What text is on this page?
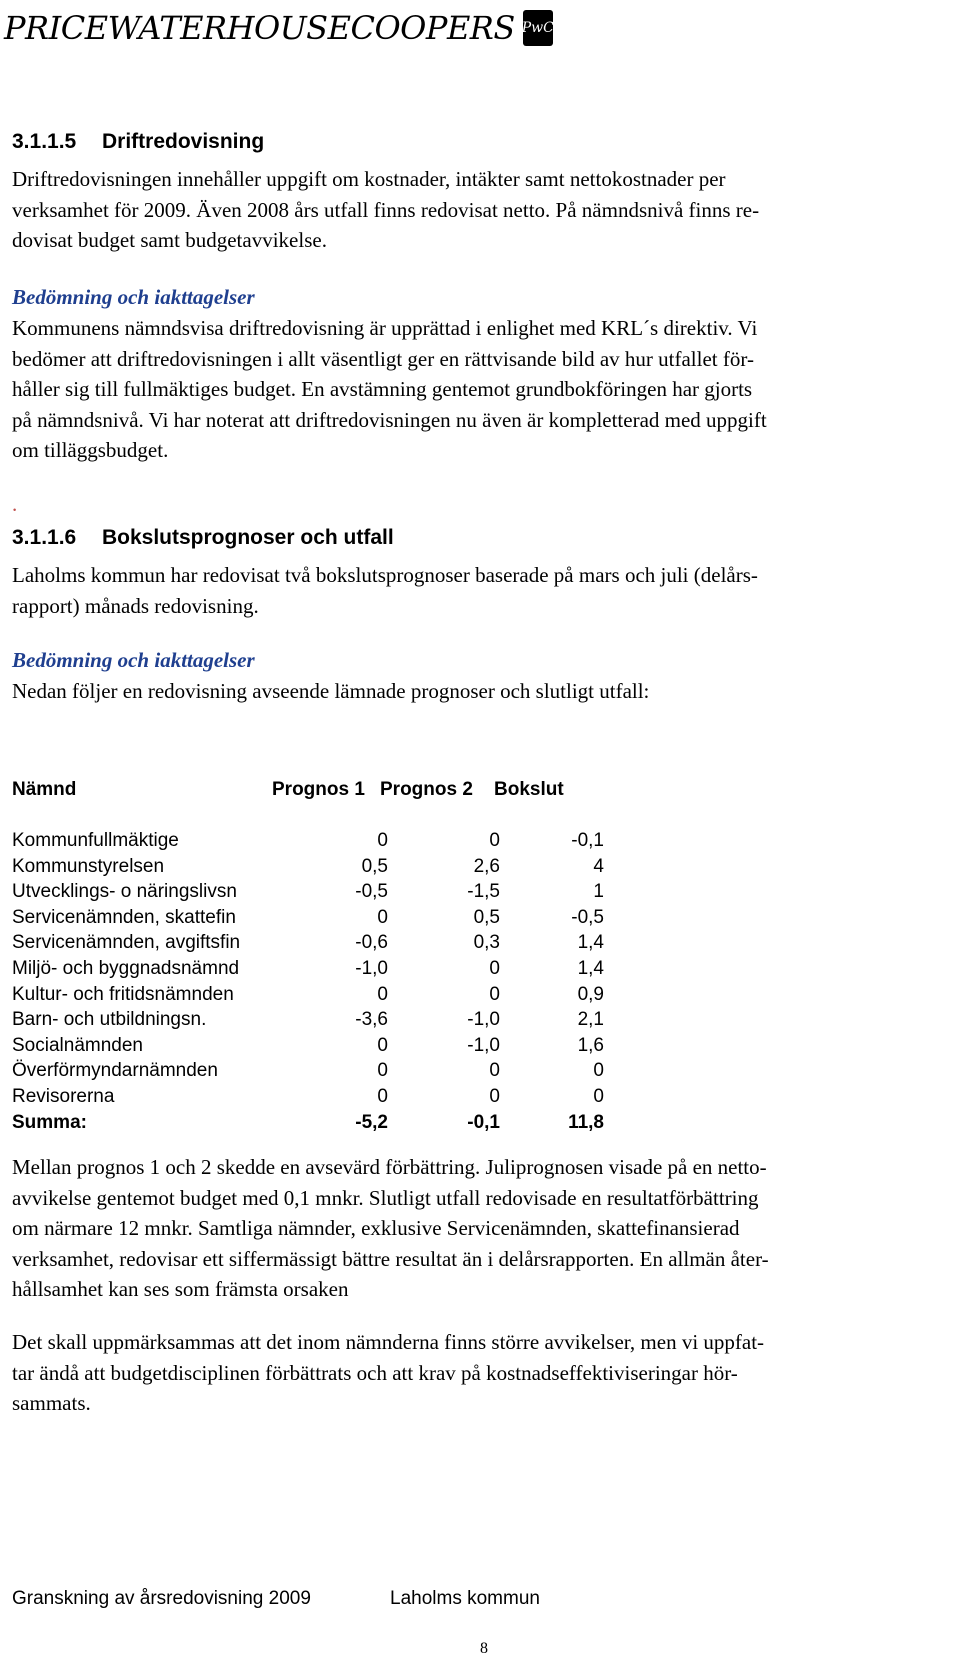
PRICEWATERHOUSECOOPERS PwC
3.1.1.5 Driftredovisning
Driftredovisningen innehåller uppgift om kostnader, intäkter samt nettokostnader per
verksamhet för 2009. Även 2008 års utfall finns redovisat netto. På nämndsnivå finns re-
dovisat budget samt budgetavvikelse.
Bedömning och iakttagelser
Kommunens nämndsvisa driftredovisning är upprättad i enlighet med KRL´s direktiv. Vi
bedömer att driftredovisningen i allt väsentligt ger en rättvisande bild av hur utfallet för-
håller sig till fullmäktiges budget. En avstämning gentemot grundbokföringen har gjorts
på nämndsnivå. Vi har noterat att driftredovisningen nu även är kompletterad med uppgift
om tilläggsbudget.
.
3.1.1.6 Bokslutsprognoser och utfall
Laholms kommun har redovisat två bokslutsprognoser baserade på mars och juli (delårs-
rapport) månads redovisning.
Bedömning och iakttagelser
Nedan följer en redovisning avseende lämnade prognoser och slutligt utfall:
Nämnd	Prognos 1 Prognos 2 Bokslut
Kommunfullmäktige	0	0	-0,1
Kommunstyrelsen	0,5	2,6	4
Utvecklings- o näringslivsn	-0,5	-1,5	1
Servicenämnden, skattefin	0	0,5	-0,5
Servicenämnden, avgiftsfin	-0,6	0,3	1,4
Miljö- och byggnadsnämnd	-1,0	0	1,4
Kultur- och fritidsnämnden	0	0	0,9
Barn- och utbildningsn.	-3,6	-1,0	2,1
Socialnämnden	0	-1,0	1,6
Överförmyndarnämnden	0	0	0
Revisorerna	0	0	0
Summa:	-5,2	-0,1	11,8
Mellan prognos 1 och 2 skedde en avsevärd förbättring. Juliprognosen visade på en netto-
avvikelse gentemot budget med 0,1 mnkr. Slutligt utfall redovisade en resultatförbättring
om närmare 12 mnkr. Samtliga nämnder, exklusive Servicenämnden, skattefinansierad
verksamhet, redovisar ett siffermässigt bättre resultat än i delårsrapporten. En allmän åter-
hållsamhet kan ses som främsta orsaken
Det skall uppmärksammas att det inom nämnderna finns större avvikelser, men vi uppfat-
tar ändå att budgetdisciplinen förbättrats och att krav på kostnadseffektiviseringar hör-
sammats.
Granskning av årsredovisning 2009	Laholms kommun
8
